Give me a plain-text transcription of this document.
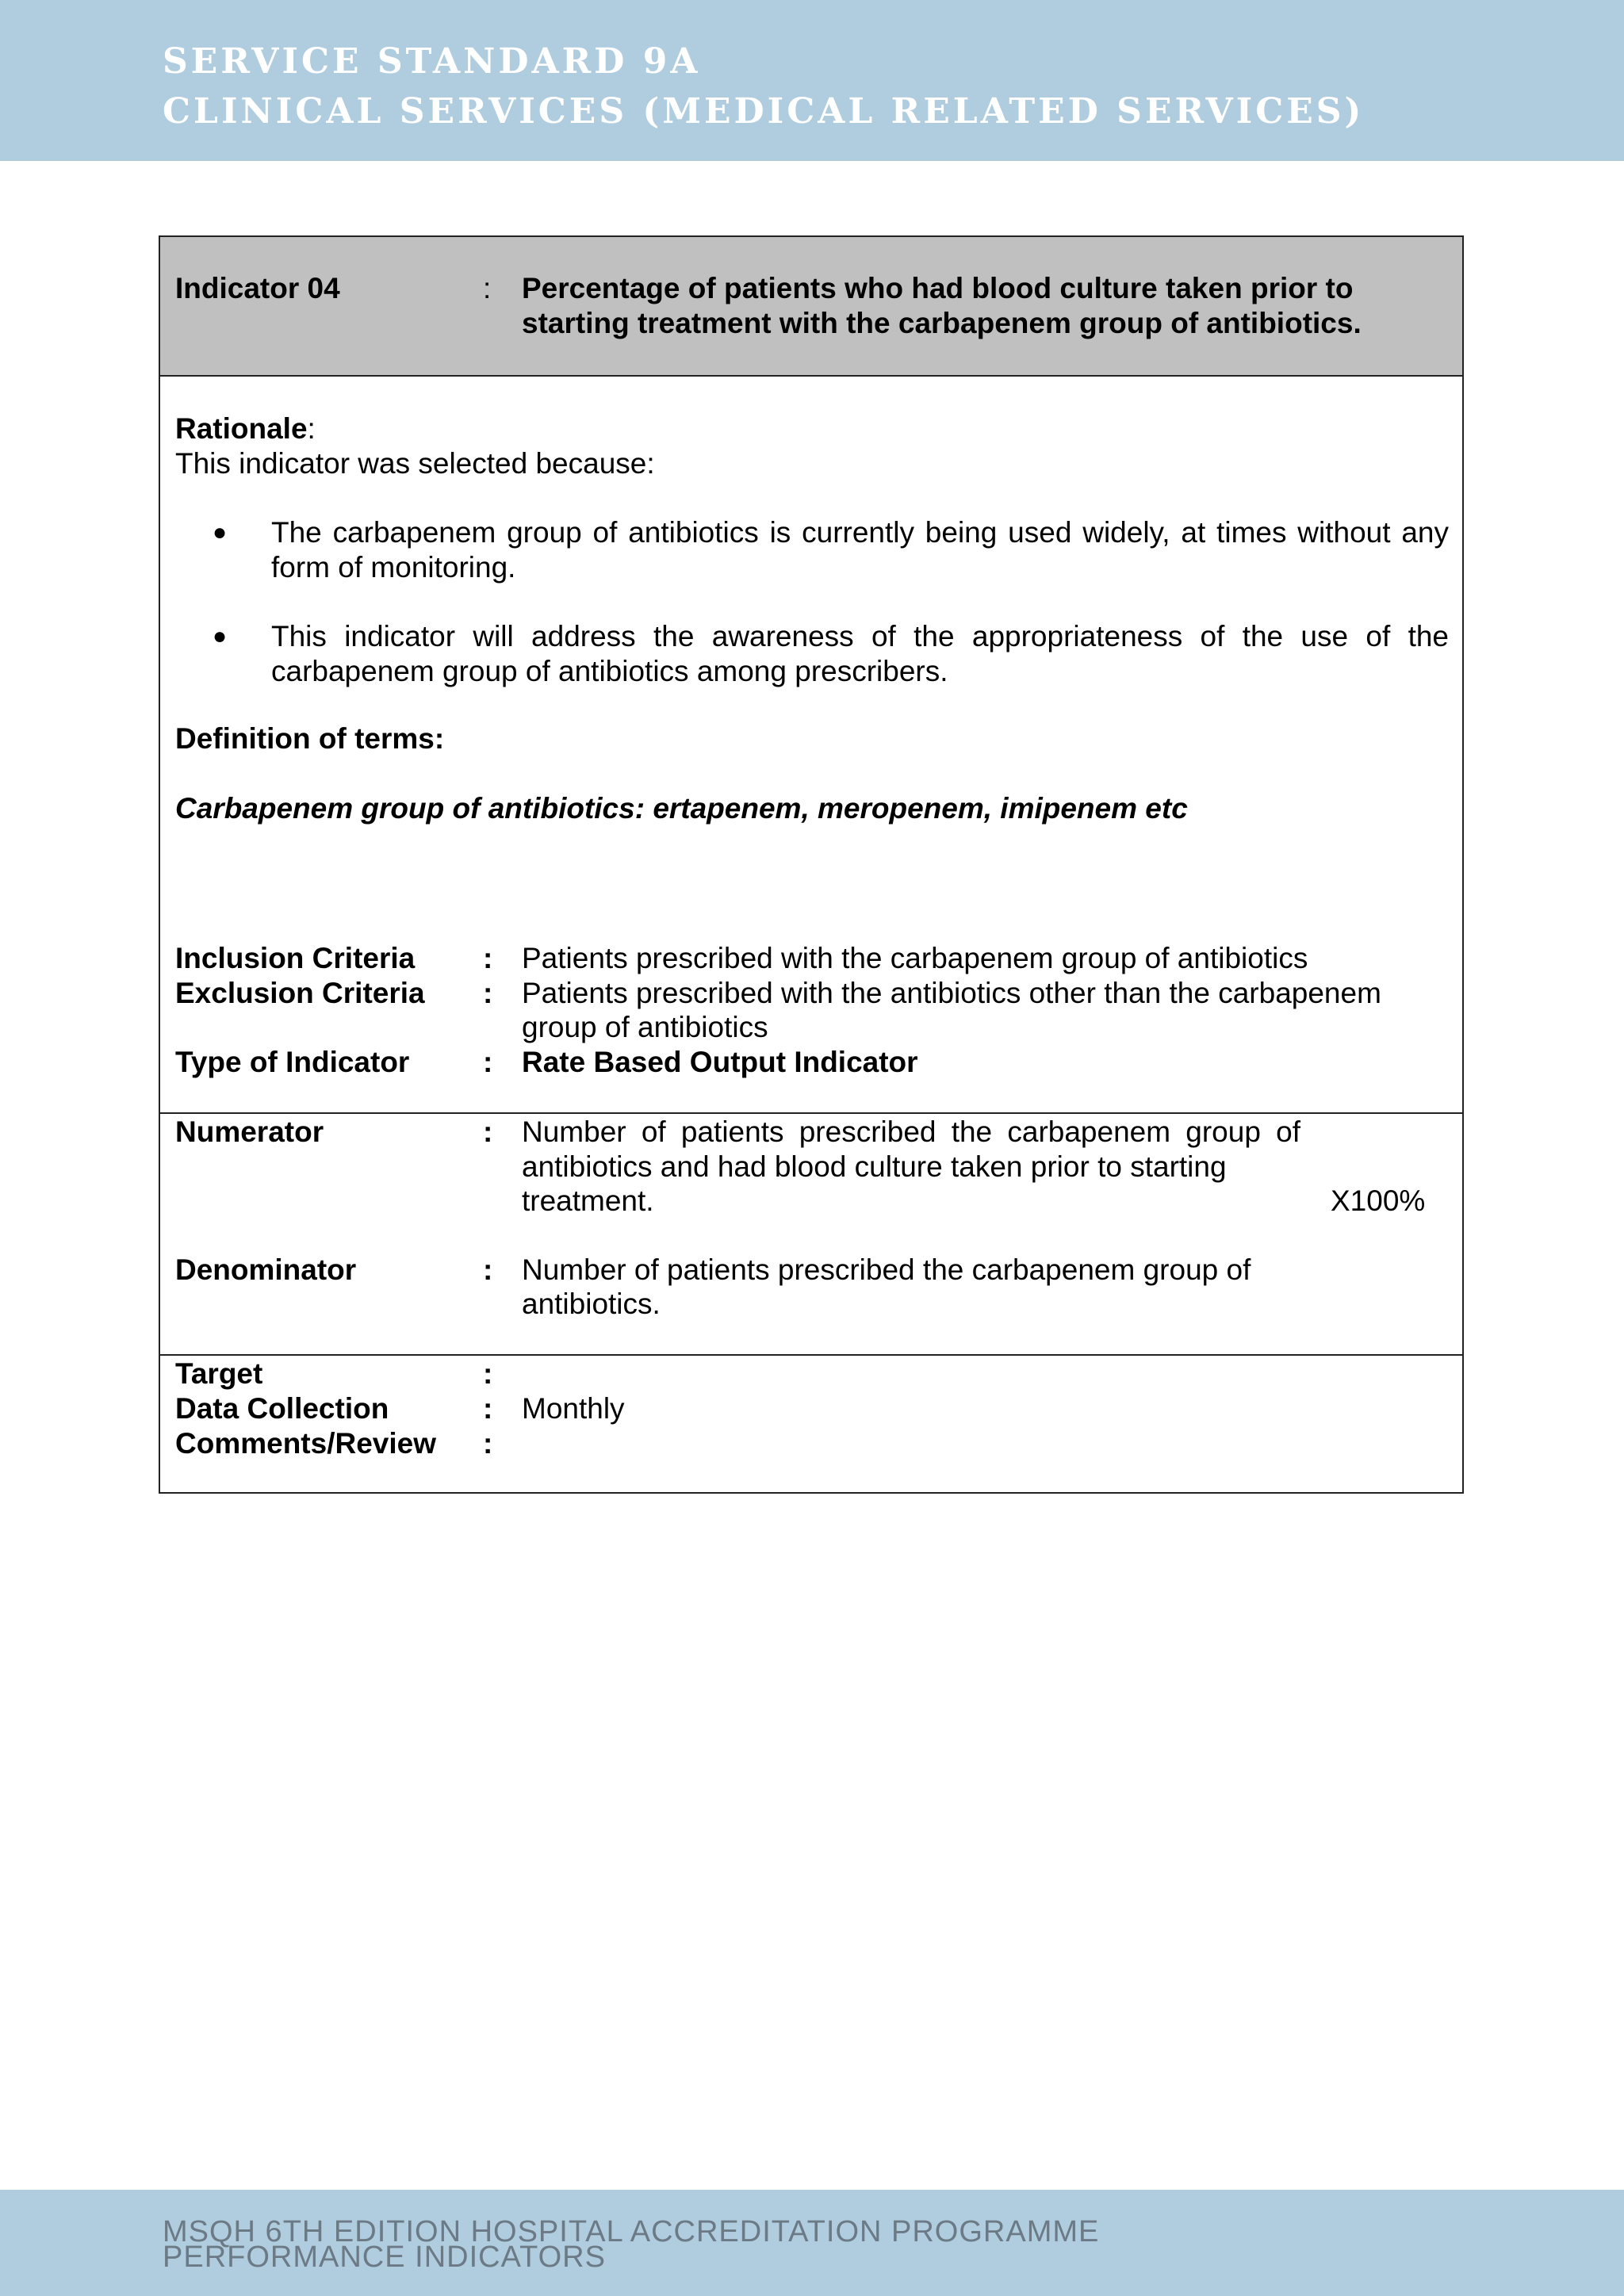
SERVICE STANDARD 9A
CLINICAL SERVICES (MEDICAL RELATED SERVICES)
Indicator 04	: Percentage of patients who had blood culture taken prior to
starting treatment with the carbapenem group of antibiotics.
Rationale:
This indicator was selected because:
● The carbapenem group of antibiotics is currently being used widely, at times without any
form of monitoring.
● This indicator will address the awareness of the appropriateness of the use of the
carbapenem group of antibiotics among prescribers.
Definition of terms:
Carbapenem group of antibiotics: ertapenem, meropenem, imipenem etc
Inclusion Criteria : Patients prescribed with the carbapenem group of antibiotics
Exclusion Criteria : Patients prescribed with the antibiotics other than the carbapenem
group of antibiotics
Type of Indicator	: Rate Based Output Indicator
Numerator	: Number of patients prescribed the carbapenem group of
antibiotics and had blood culture taken prior to starting
treatment.	X100%
Denominator	: Number of patients prescribed the carbapenem group of
antibiotics.
Target	:
Data Collection	: Monthly
Comments/Review :
MSQH 6TH EDITION HOSPITAL ACCREDITATION PROGRAMME
PERFORMANCE INDICATORS
